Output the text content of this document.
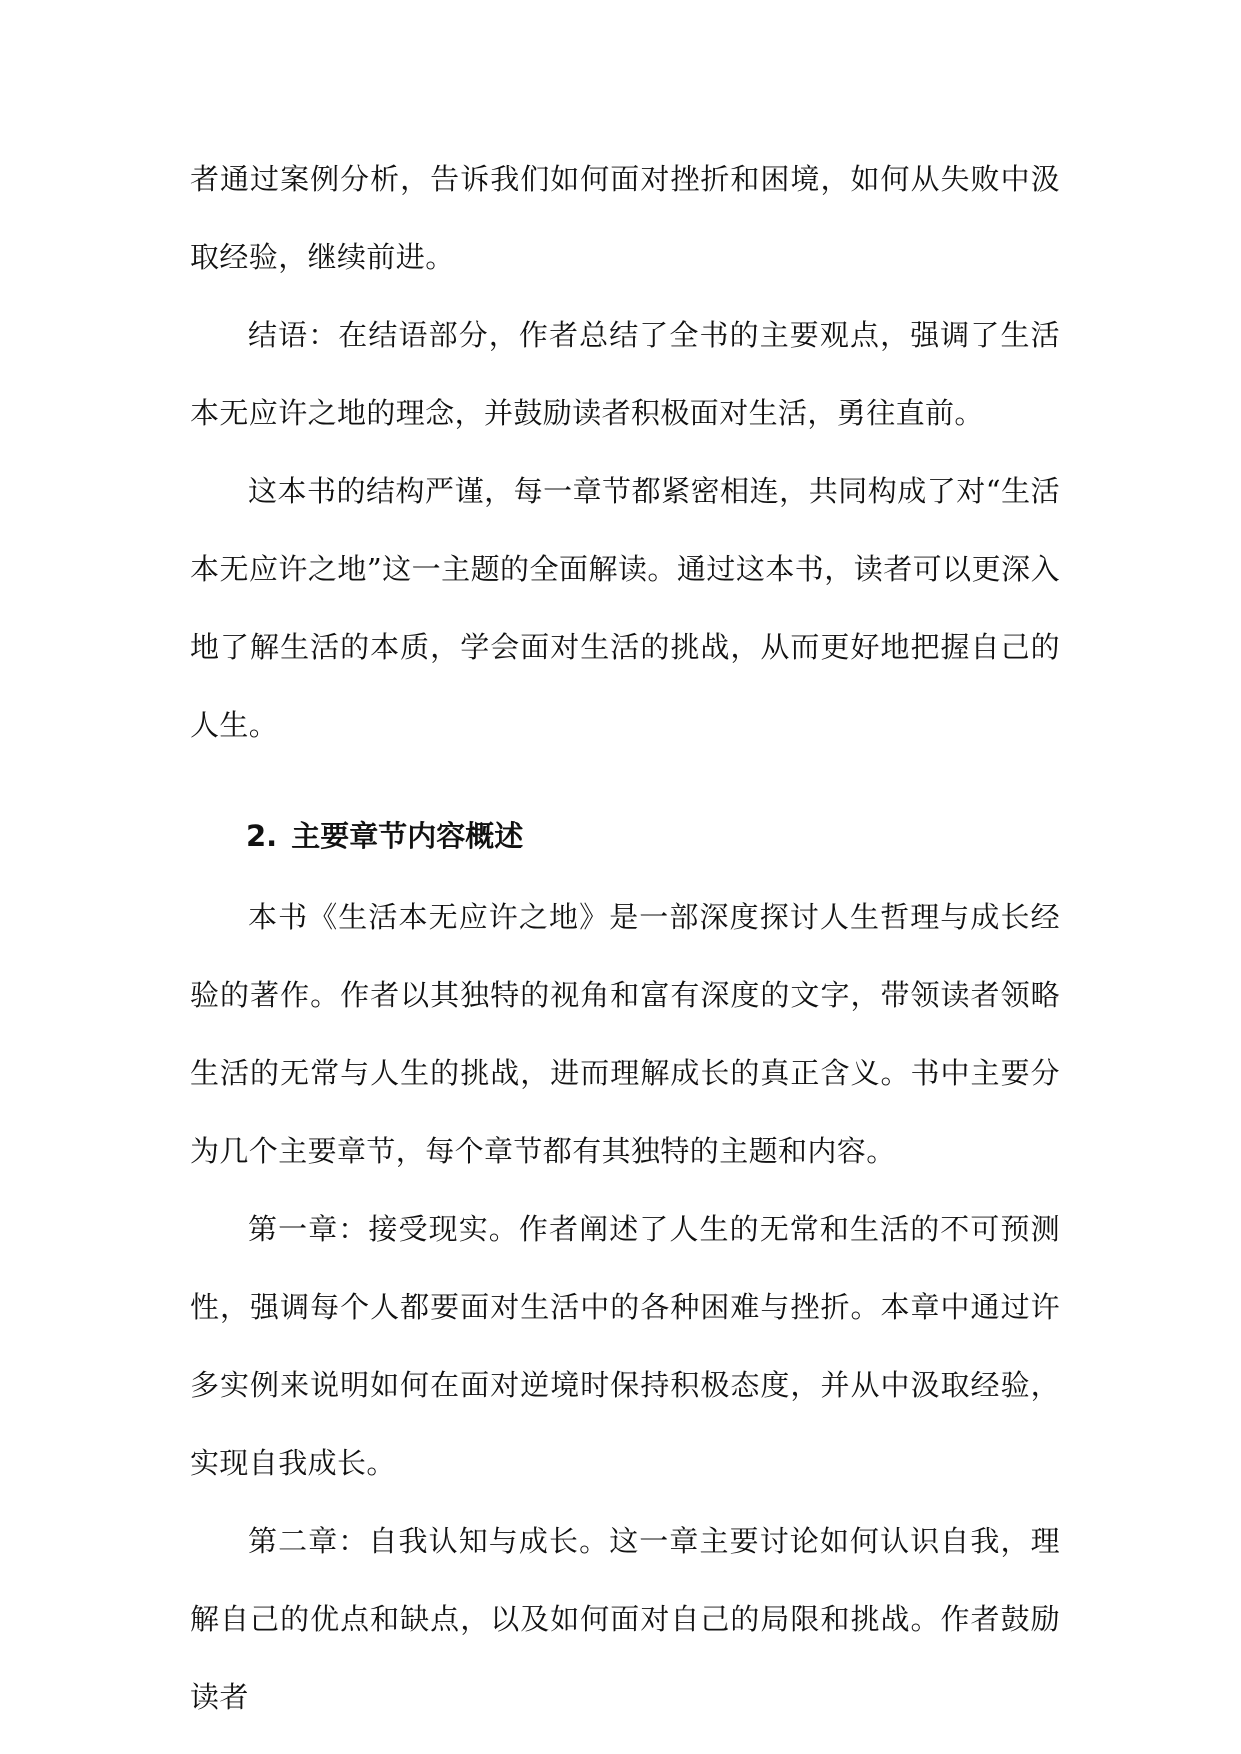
者通过案例分析，告诉我们如何面对挫折和困境，如何从失败中汲取经验，继续前进。

结语：在结语部分，作者总结了全书的主要观点，强调了生活本无应许之地的理念，并鼓励读者积极面对生活，勇往直前。

这本书的结构严谨，每一章节都紧密相连，共同构成了对“生活本无应许之地”这一主题的全面解读。通过这本书，读者可以更深入地了解生活的本质，学会面对生活的挑战，从而更好地把握自己的人生。

2. 主要章节内容概述

本书《生活本无应许之地》是一部深度探讨人生哲理与成长经验的著作。作者以其独特的视角和富有深度的文字，带领读者领略生活的无常与人生的挑战，进而理解成长的真正含义。书中主要分为几个主要章节，每个章节都有其独特的主题和内容。

第一章：接受现实。作者阐述了人生的无常和生活的不可预测性，强调每个人都要面对生活中的各种困难与挫折。本章中通过许多实例来说明如何在面对逆境时保持积极态度，并从中汲取经验，实现自我成长。

第二章：自我认知与成长。这一章主要讨论如何认识自我，理解自己的优点和缺点，以及如何面对自己的局限和挑战。作者鼓励读者
